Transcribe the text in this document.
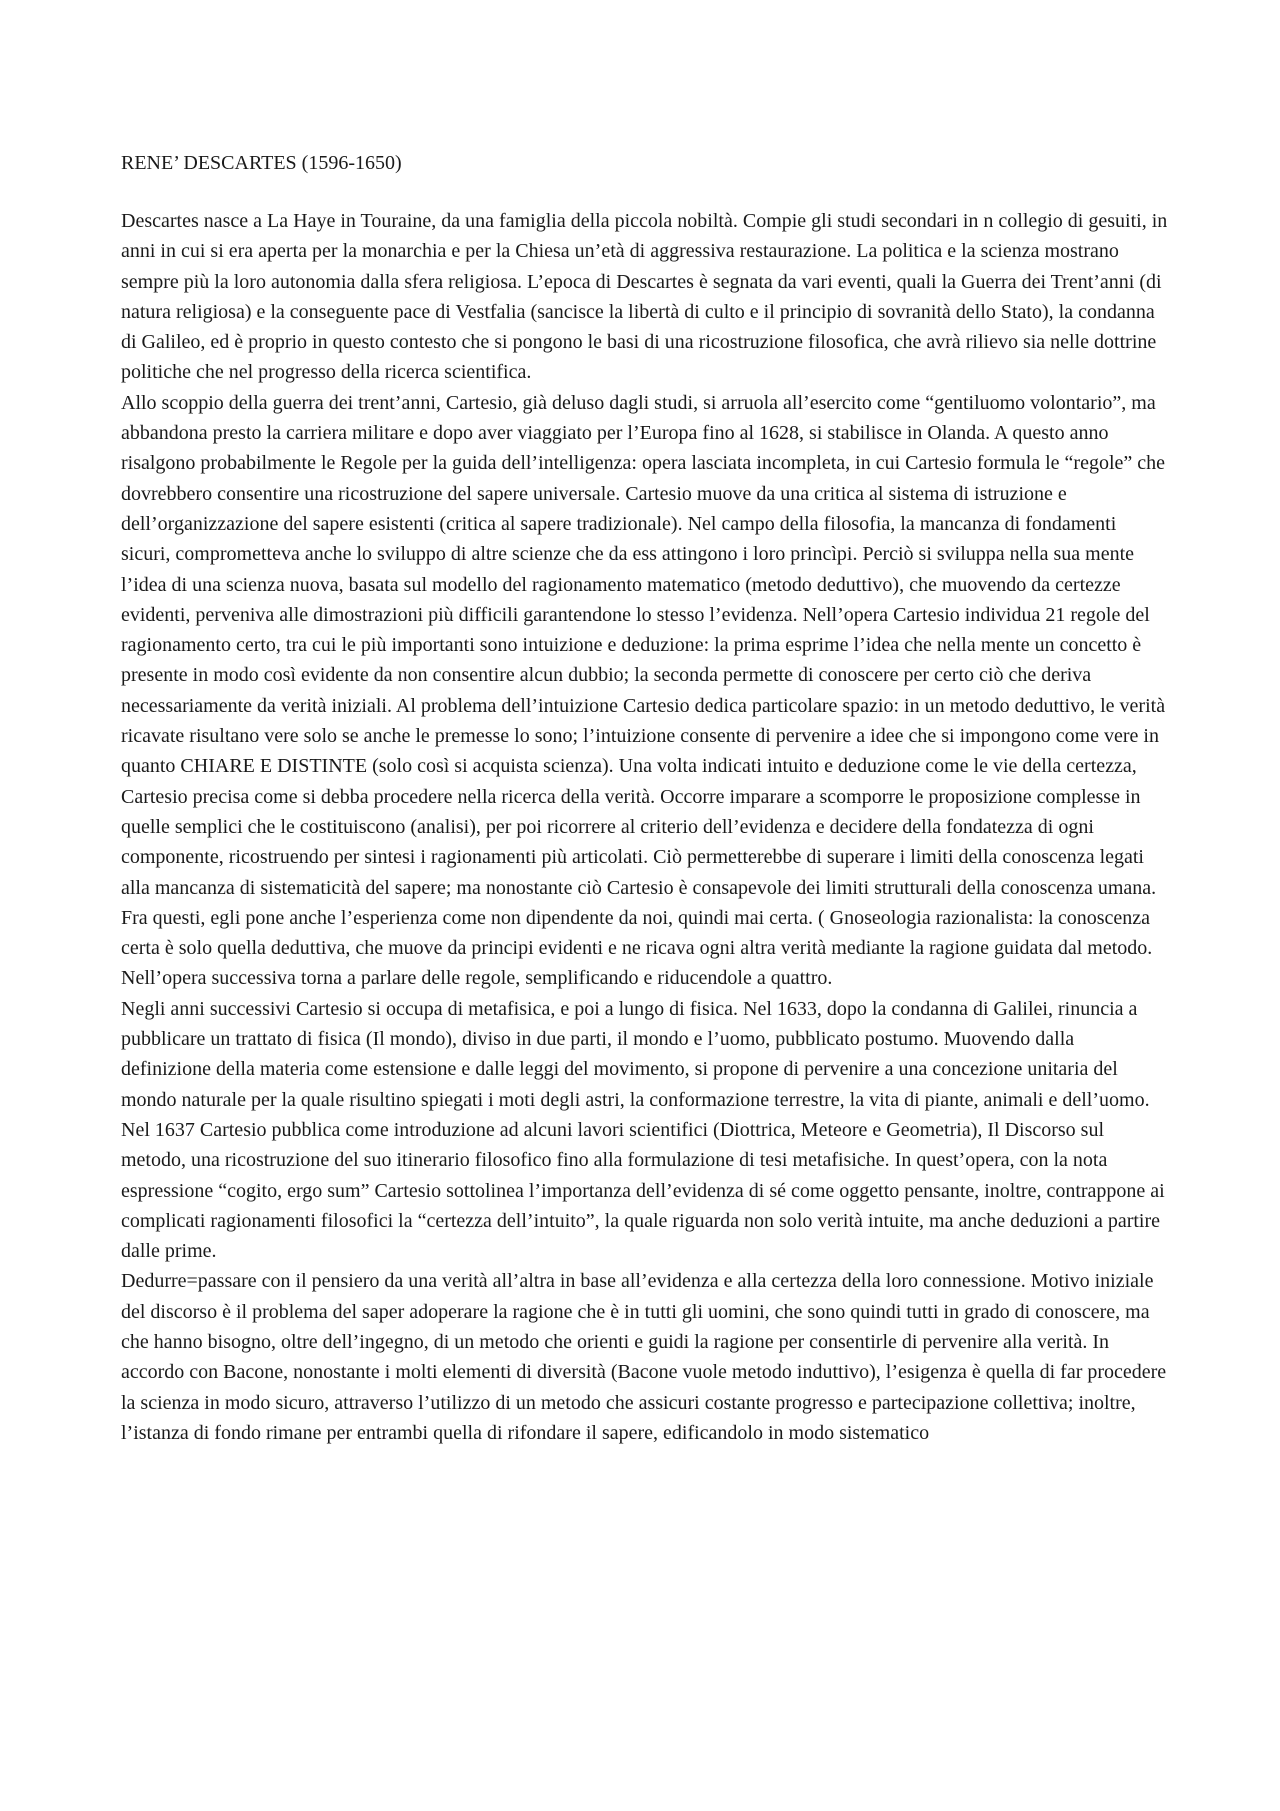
RENE’ DESCARTES (1596-1650)

Descartes nasce a La Haye in Touraine, da una famiglia della piccola nobiltà. Compie gli studi secondari in n collegio di gesuiti, in anni in cui si era aperta per la monarchia e per la Chiesa un’età di aggressiva restaurazione. La politica e la scienza mostrano sempre più la loro autonomia dalla sfera religiosa. L’epoca di Descartes è segnata da vari eventi, quali la Guerra dei Trent’anni (di natura religiosa) e la conseguente pace di Vestfalia (sancisce la libertà di culto e il principio di sovranità dello Stato), la condanna di Galileo, ed è proprio in questo contesto che si pongono le basi di una ricostruzione filosofica, che avrà rilievo sia nelle dottrine politiche che nel progresso della ricerca scientifica.

Allo scoppio della guerra dei trent’anni, Cartesio, già deluso dagli studi, si arruola all’esercito come “gentiluomo volontario”, ma abbandona presto la carriera militare e dopo aver viaggiato per l’Europa fino al 1628, si stabilisce in Olanda. A questo anno risalgono probabilmente le Regole per la guida dell’intelligenza: opera lasciata incompleta, in cui Cartesio formula le “regole” che dovrebbero consentire una ricostruzione del sapere universale. Cartesio muove da una critica al sistema di istruzione e dell’organizzazione del sapere esistenti (critica al sapere tradizionale). Nel campo della filosofia, la mancanza di fondamenti sicuri, comprometteva anche lo sviluppo di altre scienze che da ess attingono i loro princìpi. Perciò si sviluppa nella sua mente l’idea di una scienza nuova, basata sul modello del ragionamento matematico (metodo deduttivo), che muovendo da certezze evidenti, perveniva alle dimostrazioni più difficili garantendone lo stesso l’evidenza. Nell’opera Cartesio individua 21 regole del ragionamento certo, tra cui le più importanti sono intuizione e deduzione: la prima esprime l’idea che nella mente un concetto è presente in modo così evidente da non consentire alcun dubbio; la seconda permette di conoscere per certo ciò che deriva necessariamente da verità iniziali. Al problema dell’intuizione Cartesio dedica particolare spazio: in un metodo deduttivo, le verità ricavate risultano vere solo se anche le premesse lo sono; l’intuizione consente di pervenire a idee che si impongono come vere in quanto CHIARE E DISTINTE (solo così si acquista scienza). Una volta indicati intuito e deduzione come le vie della certezza, Cartesio precisa come si debba procedere nella ricerca della verità. Occorre imparare a scomporre le proposizione complesse in quelle semplici che le costituiscono (analisi), per poi ricorrere al criterio dell’evidenza e decidere della fondatezza di ogni componente, ricostruendo per sintesi i ragionamenti più articolati. Ciò permetterebbe di superare i limiti della conoscenza legati alla mancanza di sistematicità del sapere; ma nonostante ciò Cartesio è consapevole dei limiti strutturali della conoscenza umana. Fra questi, egli pone anche l’esperienza come non dipendente da noi, quindi mai certa. ( Gnoseologia razionalista: la conoscenza certa è solo quella deduttiva, che muove da principi evidenti e ne ricava ogni altra verità mediante la ragione guidata dal metodo. Nell’opera successiva torna a parlare delle regole, semplificando e riducendole a quattro.

Negli anni successivi Cartesio si occupa di metafisica, e poi a lungo di fisica. Nel 1633, dopo la condanna di Galilei, rinuncia a pubblicare un trattato di fisica (Il mondo), diviso in due parti, il mondo e l’uomo, pubblicato postumo. Muovendo dalla definizione della materia come estensione e dalle leggi del movimento, si propone di pervenire a una concezione unitaria del mondo naturale per la quale risultino spiegati i moti degli astri, la conformazione terrestre, la vita di piante, animali e dell’uomo.

Nel 1637 Cartesio pubblica come introduzione ad alcuni lavori scientifici (Diottrica, Meteore e Geometria), Il Discorso sul metodo, una ricostruzione del suo itinerario filosofico fino alla formulazione di tesi metafisiche. In quest’opera, con la nota espressione “cogito, ergo sum” Cartesio sottolinea l’importanza dell’evidenza di sé come oggetto pensante, inoltre, contrappone ai complicati ragionamenti filosofici la “certezza dell’intuito”, la quale riguarda non solo verità intuite, ma anche deduzioni a partire dalle prime.

Dedurre=passare con il pensiero da una verità all’altra in base all’evidenza e alla certezza della loro connessione. Motivo iniziale del discorso è il problema del saper adoperare la ragione che è in tutti gli uomini, che sono quindi tutti in grado di conoscere, ma che hanno bisogno, oltre dell’ingegno, di un metodo che orienti e guidi la ragione per consentirle di pervenire alla verità. In accordo con Bacone, nonostante i molti elementi di diversità (Bacone vuole metodo induttivo), l’esigenza è quella di far procedere la scienza in modo sicuro, attraverso l’utilizzo di un metodo che assicuri costante progresso e partecipazione collettiva; inoltre, l’istanza di fondo rimane per entrambi quella di rifondare il sapere, edificandolo in modo sistematico
